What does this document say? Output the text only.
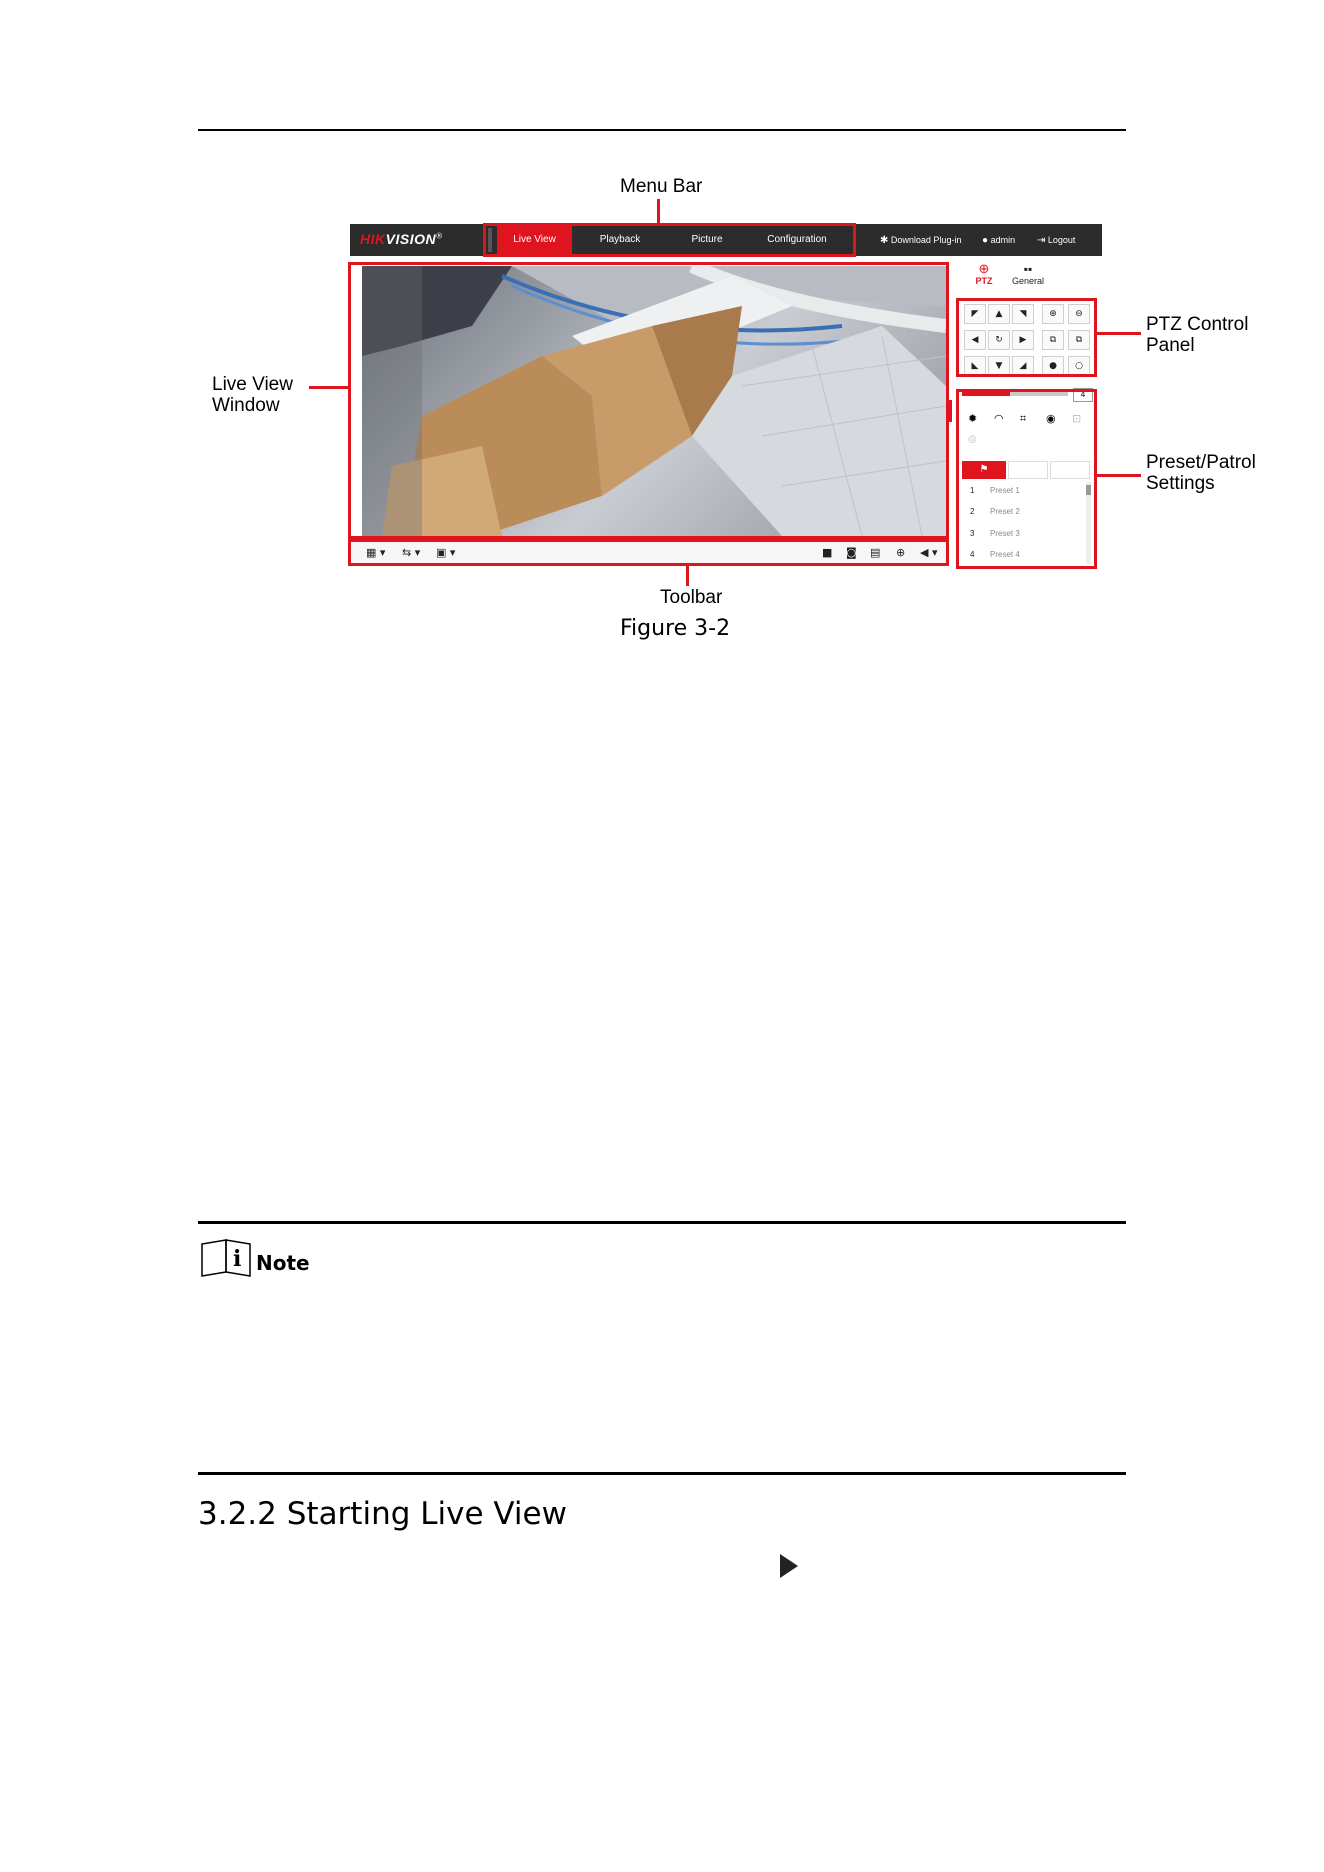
Menu Bar
HIKVISION®	Live View	Playback	Picture	Configuration	✱ Download Plug-in ● admin ⇥ Logout
Live View
Window
▦ ▾ ⇆ ▾ ▣ ▾	■ ◙ ▤ ⊕ ◀ ▾
Toolbar
⊕
PTZ
▪▪
General
◤	▲	◥
◀	↻	▶
◣	▼	◢
⊕	⊖
⧉	⧉
●	○
PTZ Control
Panel
4
✹ ◠ ⌗ ◉ ⊡
◎
⚑
1 Preset 1
2 Preset 2
3 Preset 3
4 Preset 4
Preset/Patrol
Settings
Figure 3-2
i Note
3.2.2 Starting Live View
